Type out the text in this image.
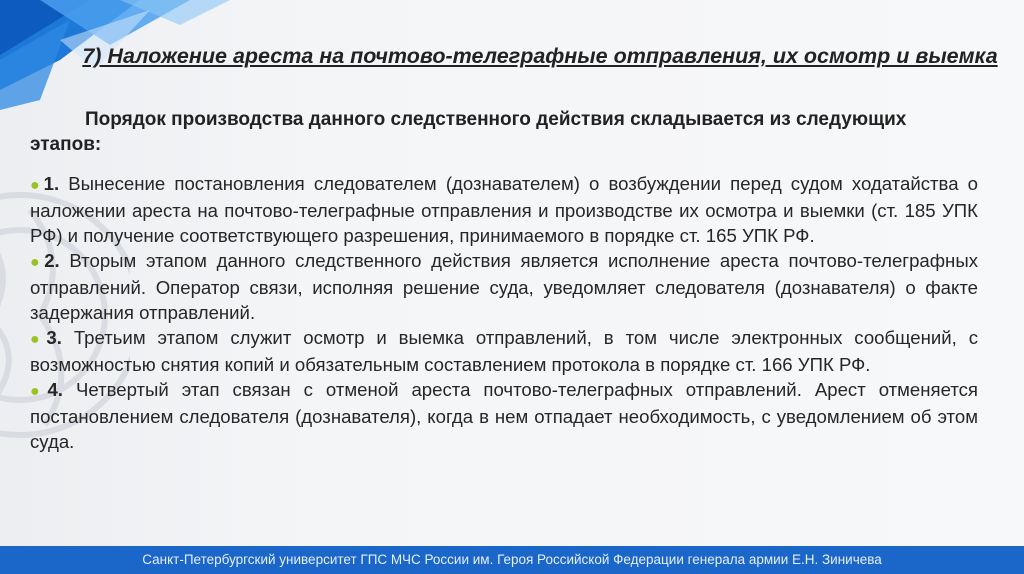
7) Наложение ареста на почтово-телеграфные отправления, их осмотр и выемка
Порядок производства данного следственного действия складывается из следующих этапов:
●1. Вынесение постановления следователем (дознавателем) о возбуждении перед судом ходатайства о наложении ареста на почтово-телеграфные отправления и производстве их осмотра и выемки (ст. 185 УПК РФ) и получение соответствующего разрешения, принимаемого в порядке ст. 165 УПК РФ.
●2. Вторым этапом данного следственного действия является исполнение ареста почтово-телеграфных отправлений. Оператор связи, исполняя решение суда, уведомляет следователя (дознавателя) о факте задержания отправлений.
●3. Третьим этапом служит осмотр и выемка отправлений, в том числе электронных сообщений, с возможностью снятия копий и обязательным составлением протокола в порядке ст. 166 УПК РФ.
●4. Четвертый этап связан с отменой ареста почтово-телеграфных отправлений. Арест отменяется постановлением следователя (дознавателя), когда в нем отпадает необходимость, с уведомлением об этом суда.
Санкт-Петербургский университет ГПС МЧС России им. Героя Российской Федерации генерала армии Е.Н. Зиничева
